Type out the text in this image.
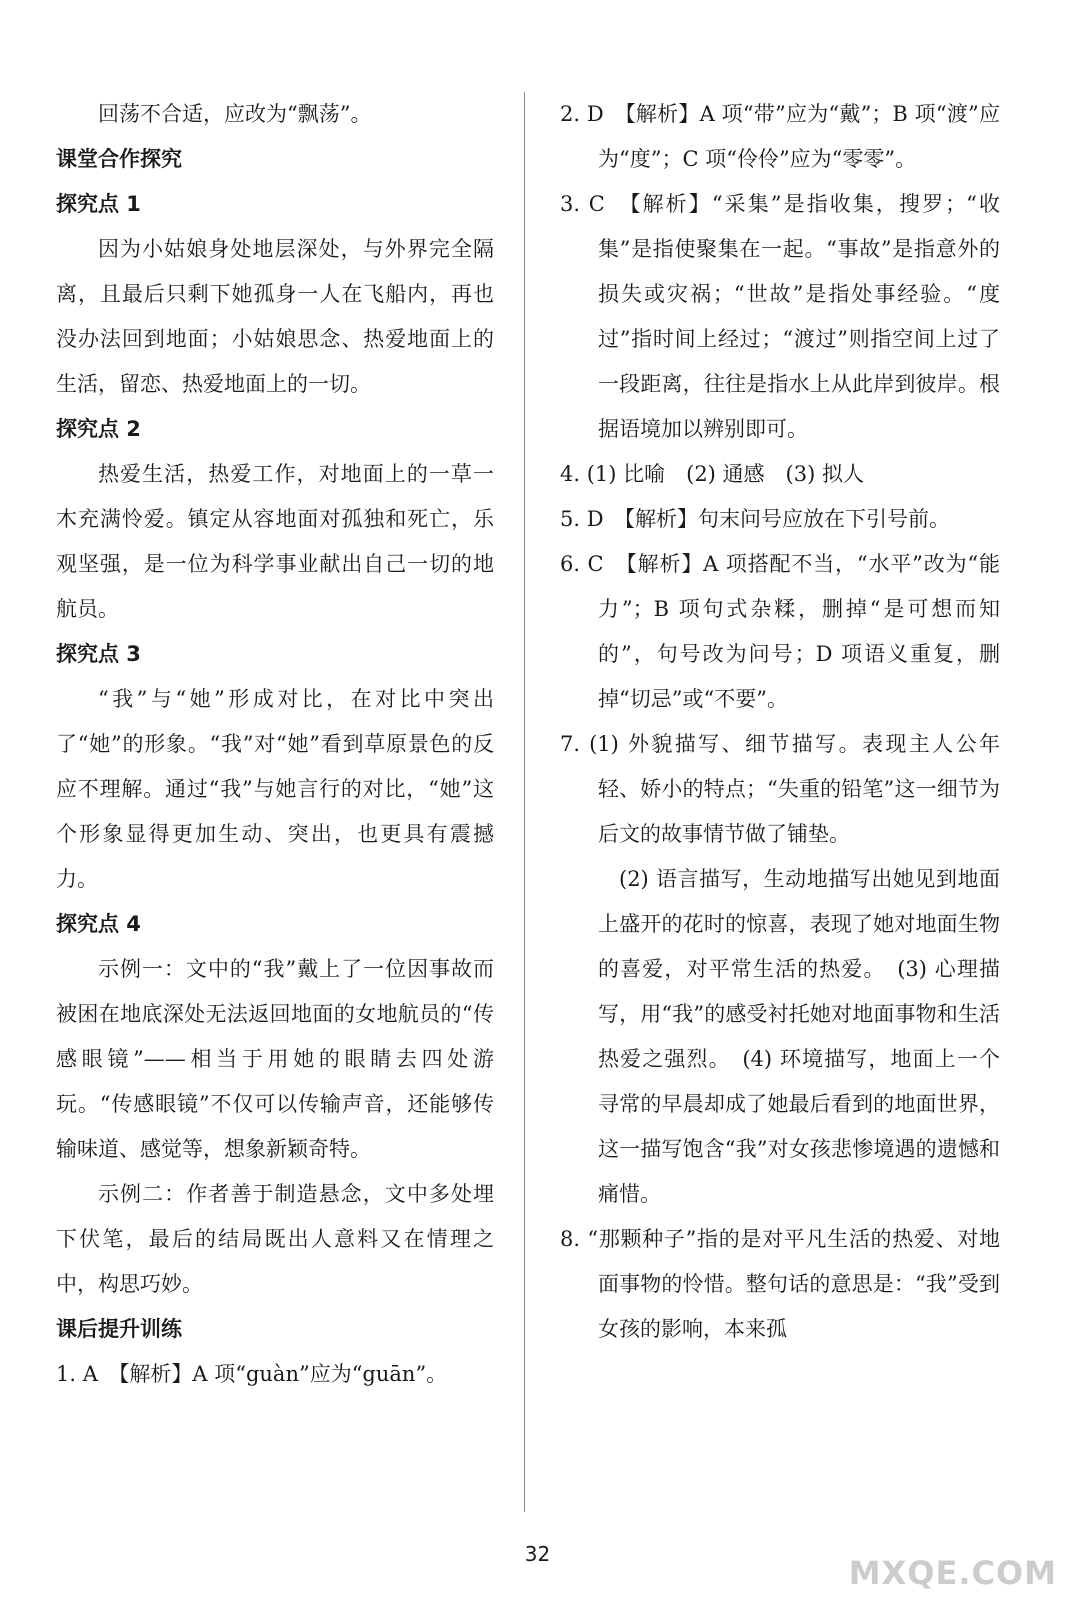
回荡不合适，应改为“飘荡”。

课堂合作探究

探究点 1

因为小姑娘身处地层深处，与外界完全隔离，且最后只剩下她孤身一人在飞船内，再也没办法回到地面；小姑娘思念、热爱地面上的生活，留恋、热爱地面上的一切。

探究点 2

热爱生活，热爱工作，对地面上的一草一木充满怜爱。镇定从容地面对孤独和死亡，乐观坚强，是一位为科学事业献出自己一切的地航员。

探究点 3

“我”与“她”形成对比，在对比中突出了“她”的形象。“我”对“她”看到草原景色的反应不理解。通过“我”与她言行的对比，“她”这个形象显得更加生动、突出，也更具有震撼力。

探究点 4

示例一：文中的“我”戴上了一位因事故而被困在地底深处无法返回地面的女地航员的“传感眼镜”——相当于用她的眼睛去四处游玩。“传感眼镜”不仅可以传输声音，还能够传输味道、感觉等，想象新颖奇特。

示例二：作者善于制造悬念，文中多处埋下伏笔，最后的结局既出人意料又在情理之中，构思巧妙。

课后提升训练

1. A　【解析】A 项“guàn”应为“guān”。

2. D　【解析】A 项“带”应为“戴”；B 项“渡”应为“度”；C 项“伶伶”应为“零零”。

3. C　【解析】“采集”是指收集，搜罗；“收集”是指使聚集在一起。“事故”是指意外的损失或灾祸；“世故”是指处事经验。“度过”指时间上经过；“渡过”则指空间上过了一段距离，往往是指水上从此岸到彼岸。根据语境加以辨别即可。

4. (1) 比喻　(2) 通感　(3) 拟人

5. D　【解析】句末问号应放在下引号前。

6. C　【解析】A 项搭配不当，“水平”改为“能力”；B 项句式杂糅，删掉“是可想而知的”，句号改为问号；D 项语义重复，删掉“切忌”或“不要”。

7. (1) 外貌描写、细节描写。表现主人公年轻、娇小的特点；“失重的铅笔”这一细节为后文的故事情节做了铺垫。

(2) 语言描写，生动地描写出她见到地面上盛开的花时的惊喜，表现了她对地面生物的喜爱，对平常生活的热爱。　(3) 心理描写，用“我”的感受衬托她对地面事物和生活热爱之强烈。　(4) 环境描写，地面上一个寻常的早晨却成了她最后看到的地面世界，这一描写饱含“我”对女孩悲惨境遇的遗憾和痛惜。

8. “那颗种子”指的是对平凡生活的热爱、对地面事物的怜惜。整句话的意思是：“我”受到女孩的影响，本来孤

32	MXQE.COM
